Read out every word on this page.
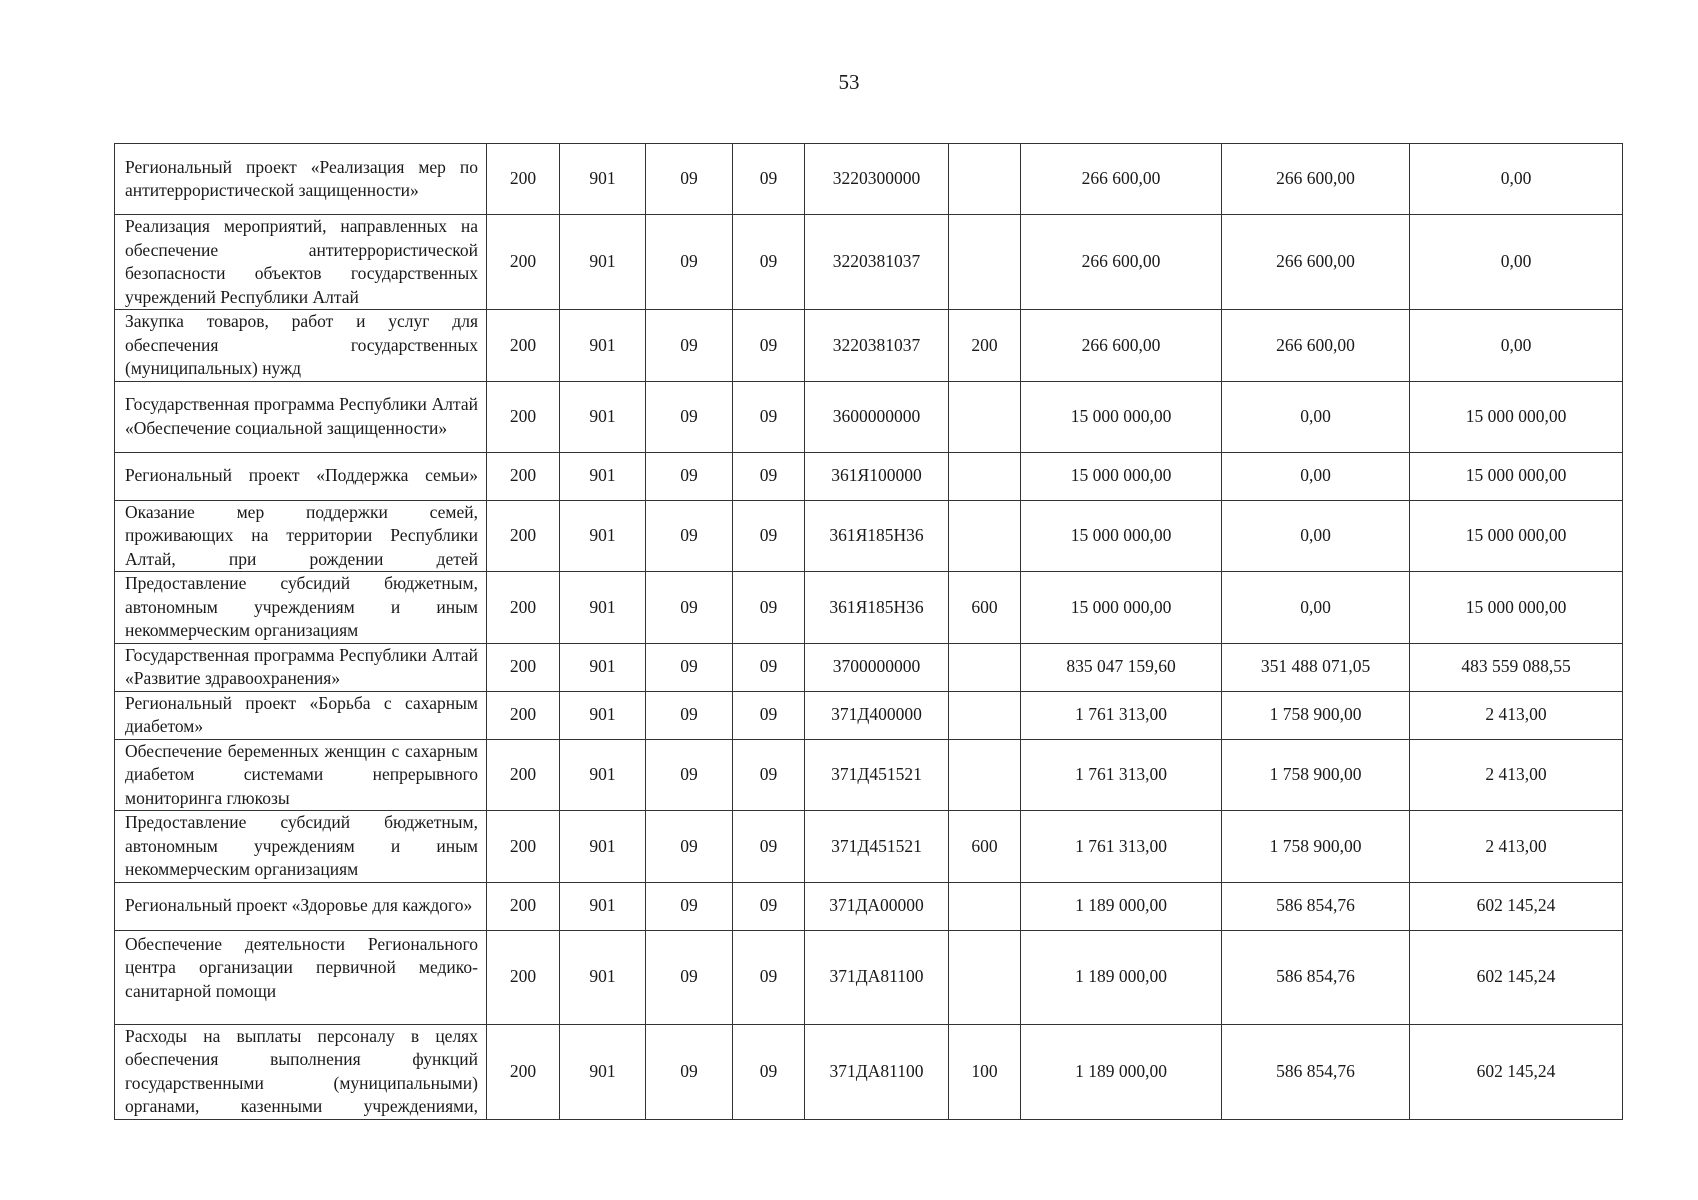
53
Региональный проект «Реализация мер по антитеррористической защищенности»	200	901	09	09	3220300000		266 600,00	266 600,00	0,00
Реализация мероприятий, направленных на обеспечение антитеррористической безопасности объектов государственных учреждений Республики Алтай	200	901	09	09	3220381037		266 600,00	266 600,00	0,00
Закупка товаров, работ и услуг для обеспечения государственных (муниципальных) нужд	200	901	09	09	3220381037	200	266 600,00	266 600,00	0,00
Государственная программа Республики Алтай «Обеспечение социальной защищенности»	200	901	09	09	3600000000		15 000 000,00	0,00	15 000 000,00
Региональный проект «Поддержка семьи»	200	901	09	09	361Я100000		15 000 000,00	0,00	15 000 000,00
Оказание мер поддержки семей, проживающих на территории Республики Алтай, при рождении детей	200	901	09	09	361Я185Н36		15 000 000,00	0,00	15 000 000,00
Предоставление субсидий бюджетным, автономным учреждениям и иным некоммерческим организациям	200	901	09	09	361Я185Н36	600	15 000 000,00	0,00	15 000 000,00
Государственная программа Республики Алтай «Развитие здравоохранения»	200	901	09	09	3700000000		835 047 159,60	351 488 071,05	483 559 088,55
Региональный проект «Борьба с сахарным диабетом»	200	901	09	09	371Д400000		1 761 313,00	1 758 900,00	2 413,00
Обеспечение беременных женщин с сахарным диабетом системами непрерывного мониторинга глюкозы	200	901	09	09	371Д451521		1 761 313,00	1 758 900,00	2 413,00
Предоставление субсидий бюджетным, автономным учреждениям и иным некоммерческим организациям	200	901	09	09	371Д451521	600	1 761 313,00	1 758 900,00	2 413,00
Региональный проект «Здоровье для каждого»	200	901	09	09	371ДА00000		1 189 000,00	586 854,76	602 145,24
Обеспечение деятельности Регионального центра организации первичной медико-санитарной помощи	200	901	09	09	371ДА81100		1 189 000,00	586 854,76	602 145,24
Расходы на выплаты персоналу в целях обеспечения выполнения функций государственными (муниципальными) органами, казенными учреждениями,	200	901	09	09	371ДА81100	100	1 189 000,00	586 854,76	602 145,24
